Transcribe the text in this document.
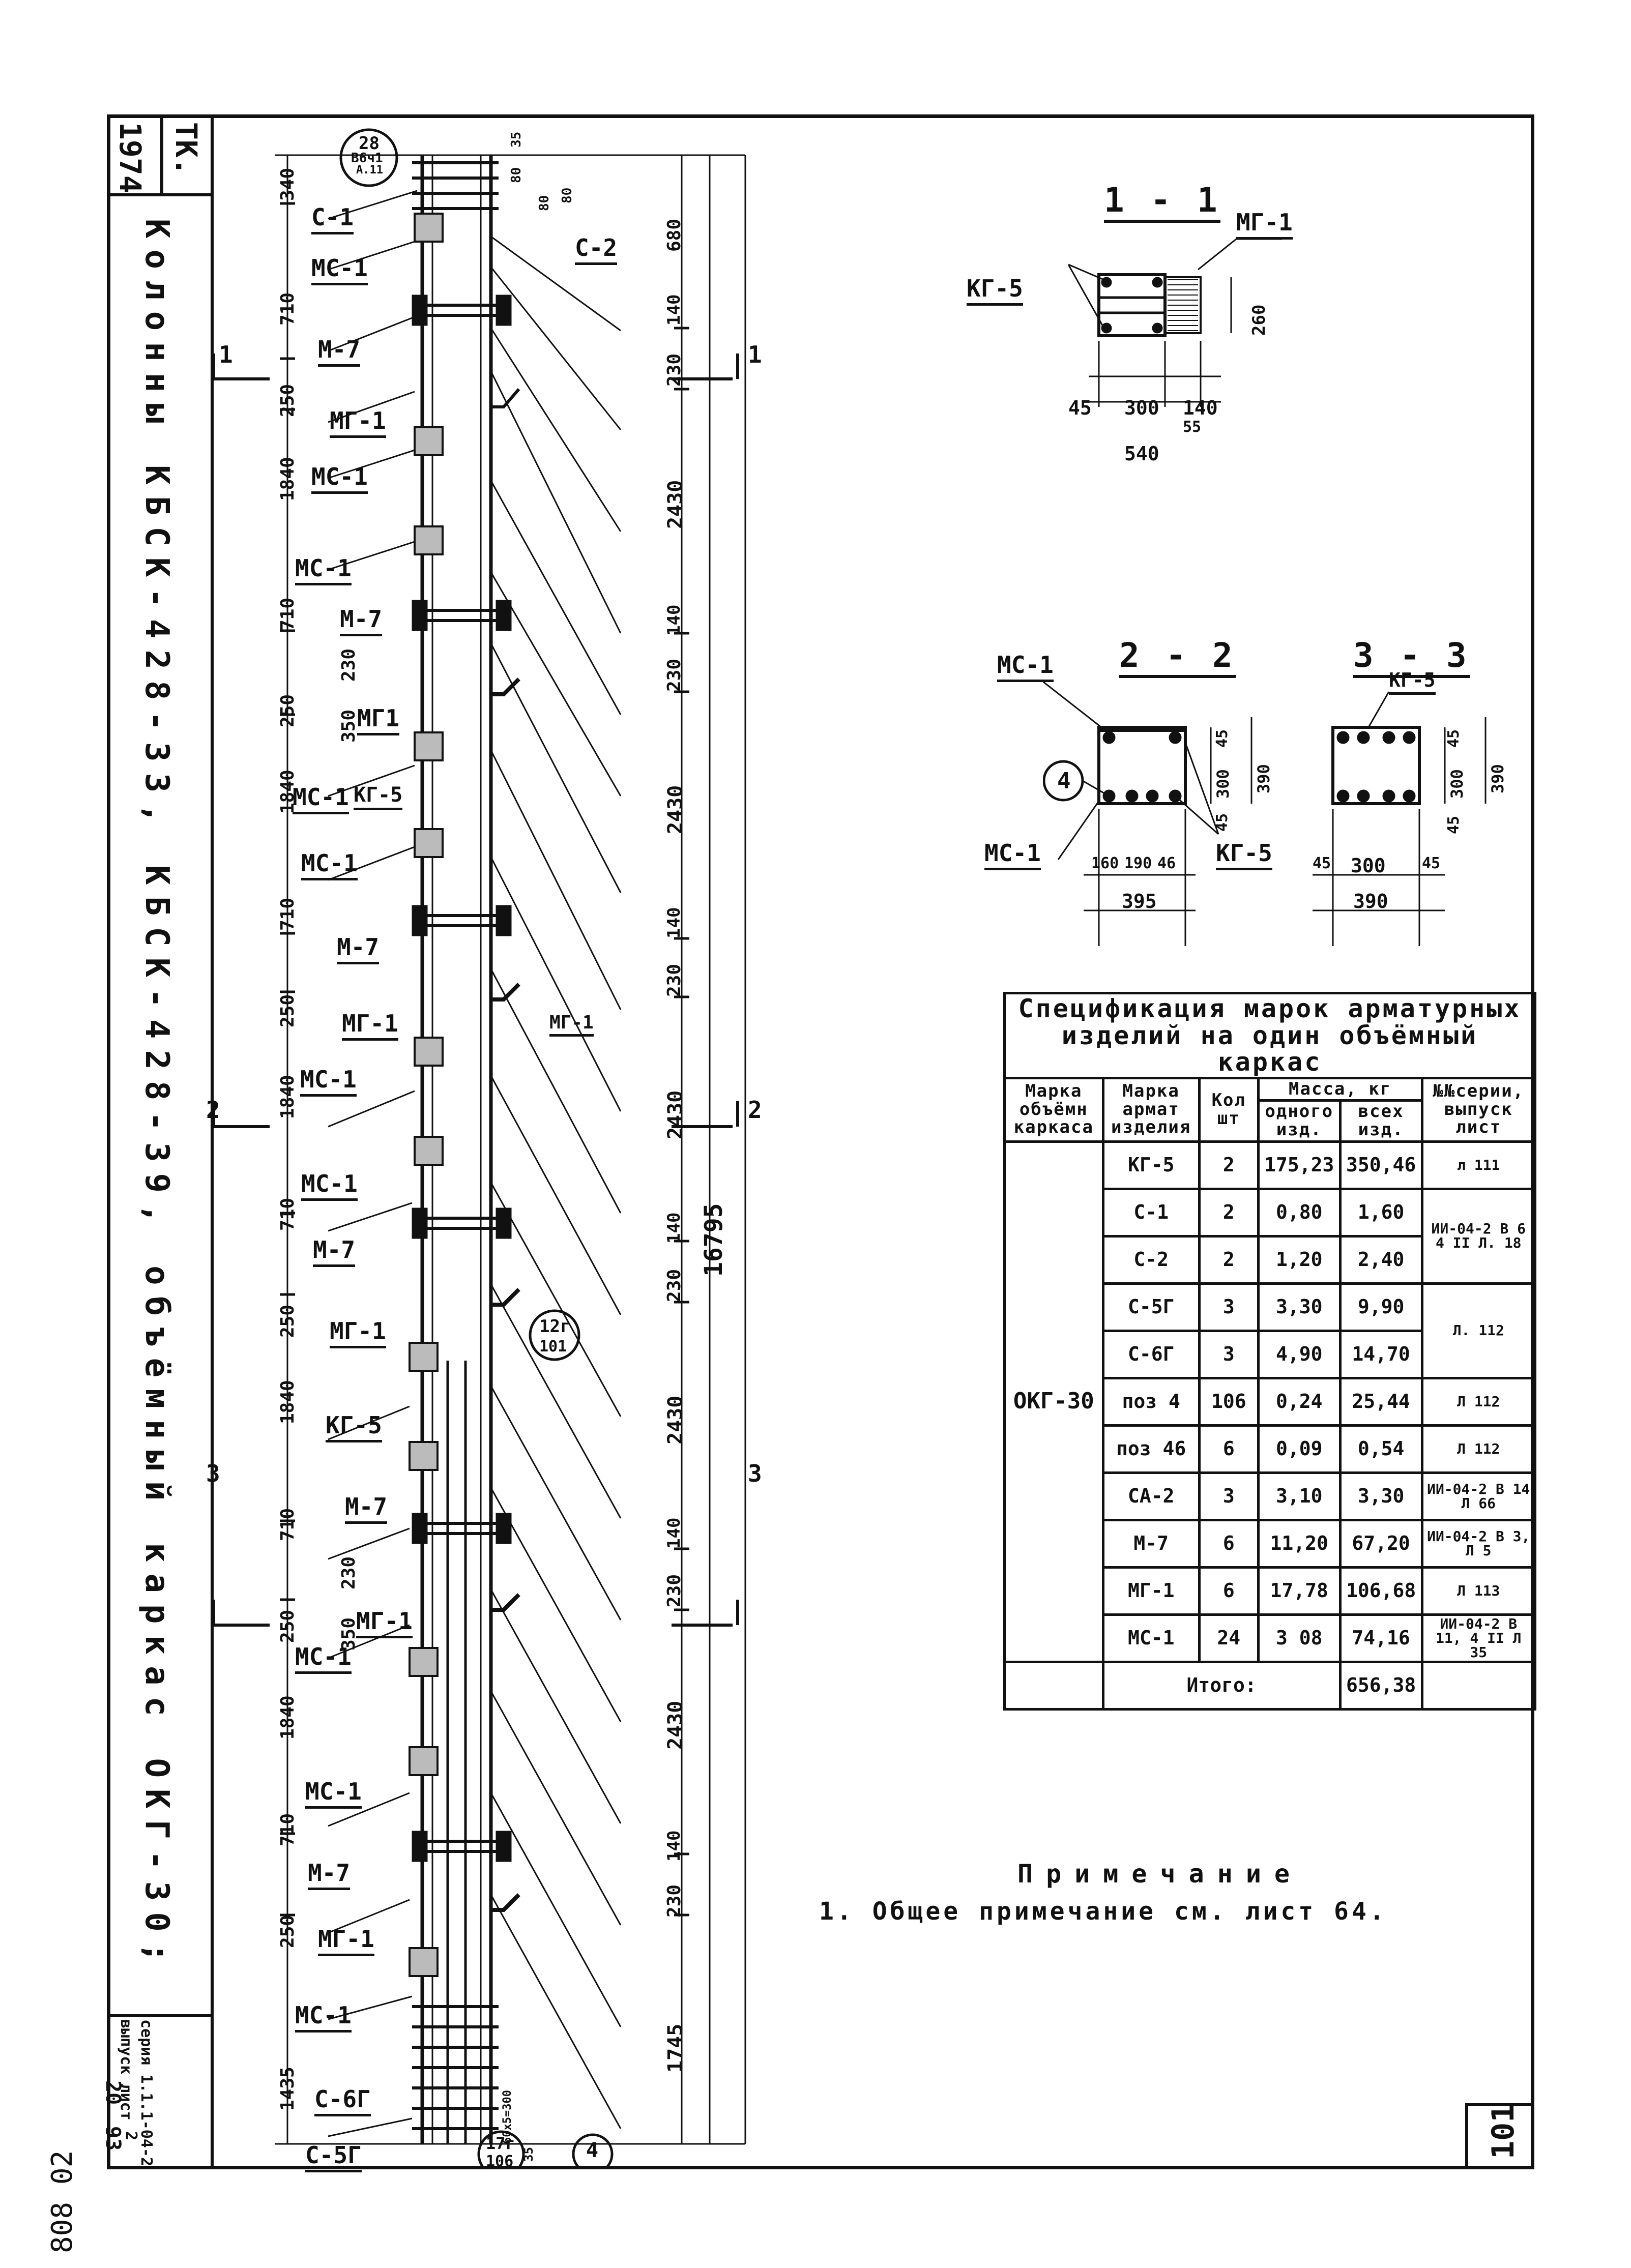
1974 ТК.
Колонны КБСК-428-33, КБСК-428-39, объёмный каркас ОКГ-30;
серия 1.1.1-04-2
выпуск лист
20
93
2
808 02
28
В6ч1
А.11
12г
101
17г
106	4
60х5=300
С-1
МС-1
М-7
МГ-1
МС-1
МС-1
М-7
МГ1
МС-1 КГ-5
МС-1
М-7
МГ-1
МС-1
МС-1
М-7
МГ-1
КГ-5
М-7
МГ-1
МС-1
МС-1
М-7
МГ-1
МС-1
С-6Г
С-5Г
С-2
МГ-1
340
710
250
1840
710
230
250 350
1840
710
250
1840
710
250
1840
710
230
250 350
1840
710
250
1435
680
140
230
2430
140
230
2430
140
230
2430
140
230
2430
140
230
2430
140
230
1745
16795
35
80
80 80
35
1	1
2	2
3	3
1 - 1
МГ-1
КГ-5
260
45 300 140
55
540
2 - 2
МС-1
МС-1	КГ-5
4
45
300 390
45
160 190 46
395
3 - 3
КГ-5
45
300 390
45
45 300 45
390
Спецификация марок арматурных
изделий на один объёмный каркас					

Марка объёмн каркаса	Марка армат изделия	Кол шт	Масса, кг		№№серии, выпуск лист
			одного изд.	всех изд.	
ОКГ-30	КГ-5	2	175,23	350,46	л 111
	С-1	2	0,80	1,60	ИИ-04-2 В 6 4 II Л. 18
	С-2	2	1,20	2,40	
	С-5Г	3	3,30	9,90	Л. 112
	С-6Г	3	4,90	14,70	
	поз 4	106	0,24	25,44	Л 112
	поз 46	6	0,09	0,54	Л 112
	СА-2	3	3,10	3,30	ИИ-04-2 В 14 Л 66
	М-7	6	11,20	67,20	ИИ-04-2 В 3, Л 5
	МГ-1	6	17,78	106,68	Л 113
	МС-1	24	3 08	74,16	ИИ-04-2 В 11, 4 II Л 35
	Итого:			656,38	
Примечание
1. Общее примечание см. лист 64.
101
